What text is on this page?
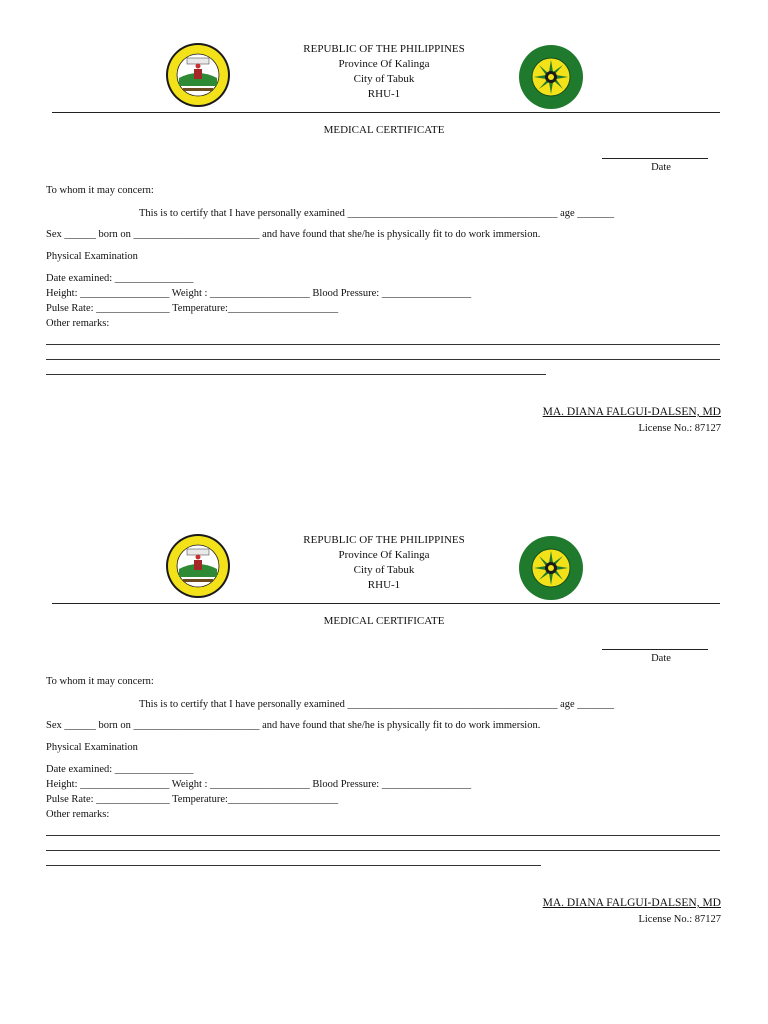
REPUBLIC OF THE PHILIPPINES
Province Of Kalinga
City of Tabuk
RHU-1
MEDICAL CERTIFICATE
Date
To whom it may concern:
This is to certify that I have personally examined ________________________________________ age _______
Sex ______ born on ________________________ and have found that she/he is physically fit to do work immersion.
Physical Examination
Date examined: _______________
Height: _________________ Weight : ___________________ Blood Pressure: _________________
Pulse Rate: ______________ Temperature:_____________________
Other remarks:
MA. DIANA FALGUI-DALSEN, MD
License No.: 87127
REPUBLIC OF THE PHILIPPINES
Province Of Kalinga
City of Tabuk
RHU-1
MEDICAL CERTIFICATE
Date
To whom it may concern:
This is to certify that I have personally examined ________________________________________ age _______
Sex ______ born on ________________________ and have found that she/he is physically fit to do work immersion.
Physical Examination
Date examined: _______________
Height: _________________ Weight : ___________________ Blood Pressure: _________________
Pulse Rate: ______________ Temperature:_____________________
Other remarks:
MA. DIANA FALGUI-DALSEN, MD
License No.: 87127
